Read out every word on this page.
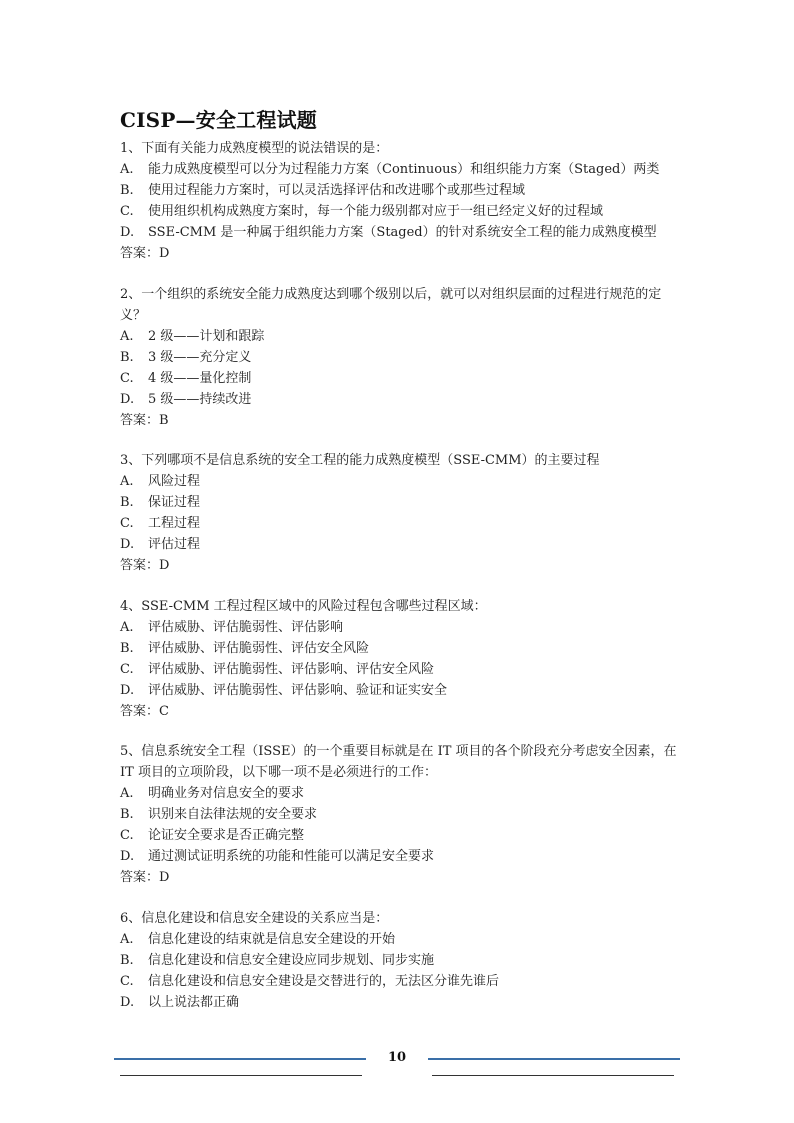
CISP—安全工程试题
1、下面有关能力成熟度模型的说法错误的是：
A.	能力成熟度模型可以分为过程能力方案（Continuous）和组织能力方案（Staged）两类
B.	使用过程能力方案时，可以灵活选择评估和改进哪个或那些过程域
C.	使用组织机构成熟度方案时，每一个能力级别都对应于一组已经定义好的过程域
D.	SSE-CMM 是一种属于组织能力方案（Staged）的针对系统安全工程的能力成熟度模型
答案：D
2、一个组织的系统安全能力成熟度达到哪个级别以后，就可以对组织层面的过程进行规范的定义？
A.	2 级——计划和跟踪
B.	3 级——充分定义
C.	4 级——量化控制
D.	5 级——持续改进
答案：B
3、下列哪项不是信息系统的安全工程的能力成熟度模型（SSE-CMM）的主要过程
A.	风险过程
B.	保证过程
C.	工程过程
D.	评估过程
答案：D
4、SSE-CMM 工程过程区域中的风险过程包含哪些过程区域：
A.	评估威胁、评估脆弱性、评估影响
B.	评估威胁、评估脆弱性、评估安全风险
C.	评估威胁、评估脆弱性、评估影响、评估安全风险
D.	评估威胁、评估脆弱性、评估影响、验证和证实安全
答案：C
5、信息系统安全工程（ISSE）的一个重要目标就是在 IT 项目的各个阶段充分考虑安全因素，在 IT 项目的立项阶段，以下哪一项不是必须进行的工作：
A.	明确业务对信息安全的要求
B.	识别来自法律法规的安全要求
C.	论证安全要求是否正确完整
D.	通过测试证明系统的功能和性能可以满足安全要求
答案：D
6、信息化建设和信息安全建设的关系应当是：
A.	信息化建设的结束就是信息安全建设的开始
B.	信息化建设和信息安全建设应同步规划、同步实施
C.	信息化建设和信息安全建设是交替进行的，无法区分谁先谁后
D.	以上说法都正确
10
